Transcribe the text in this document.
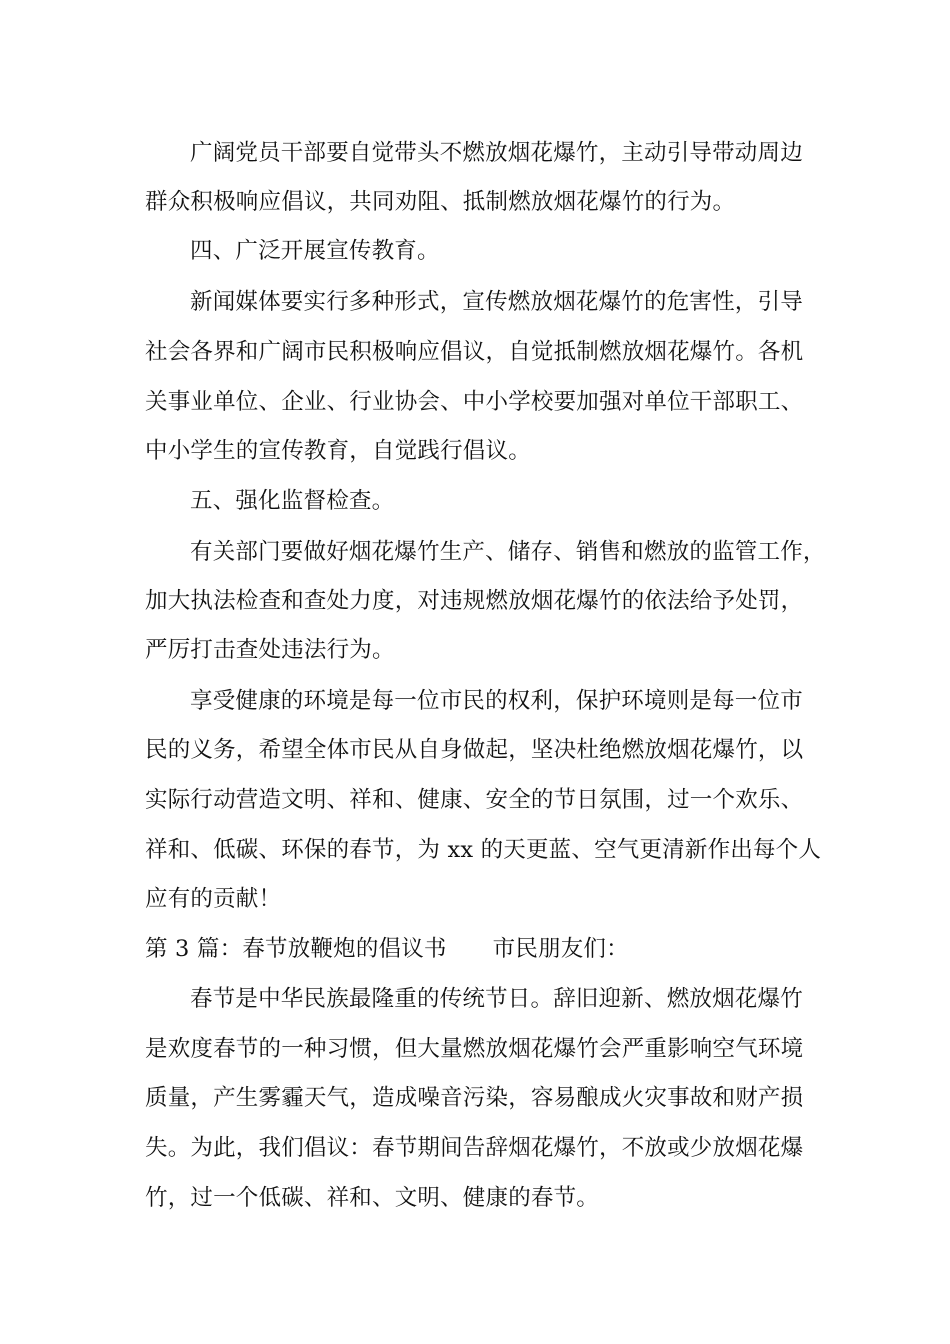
广阔党员干部要自觉带头不燃放烟花爆竹，主动引导带动周边
群众积极响应倡议，共同劝阻、抵制燃放烟花爆竹的行为。
四、广泛开展宣传教育。
新闻媒体要实行多种形式，宣传燃放烟花爆竹的危害性，引导
社会各界和广阔市民积极响应倡议，自觉抵制燃放烟花爆竹。各机
关事业单位、企业、行业协会、中小学校要加强对单位干部职工、
中小学生的宣传教育，自觉践行倡议。
五、强化监督检查。
有关部门要做好烟花爆竹生产、储存、销售和燃放的监管工作，
加大执法检查和查处力度，对违规燃放烟花爆竹的依法给予处罚，
严厉打击查处违法行为。
享受健康的环境是每一位市民的权利，保护环境则是每一位市
民的义务，希望全体市民从自身做起，坚决杜绝燃放烟花爆竹，以
实际行动营造文明、祥和、健康、安全的节日氛围，过一个欢乐、
祥和、低碳、环保的春节，为 xx 的天更蓝、空气更清新作出每个人
应有的贡献！
第 3 篇：春节放鞭炮的倡议书 市民朋友们：
春节是中华民族最隆重的传统节日。辞旧迎新、燃放烟花爆竹
是欢度春节的一种习惯，但大量燃放烟花爆竹会严重影响空气环境
质量，产生雾霾天气，造成噪音污染，容易酿成火灾事故和财产损
失。为此，我们倡议：春节期间告辞烟花爆竹，不放或少放烟花爆
竹，过一个低碳、祥和、文明、健康的春节。
